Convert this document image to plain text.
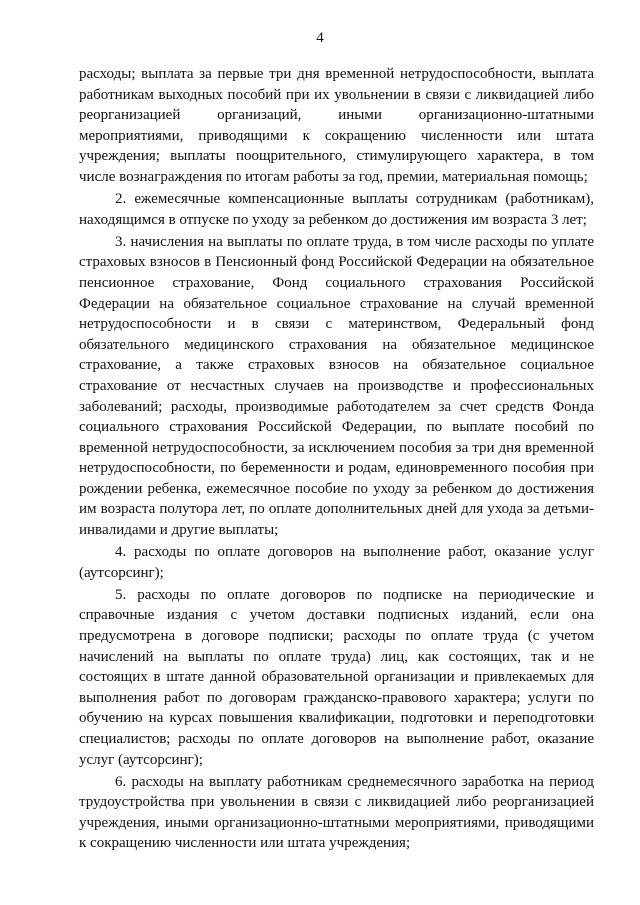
4

расходы; выплата за первые три дня временной нетрудоспособности, выплата работникам выходных пособий при их увольнении в связи с ликвидацией либо реорганизацией организаций, иными организационно-штатными мероприятиями, приводящими к сокращению численности или штата учреждения; выплаты поощрительного, стимулирующего характера, в том числе вознаграждения по итогам работы за год, премии, материальная помощь;

2. ежемесячные компенсационные выплаты сотрудникам (работникам), находящимся в отпуске по уходу за ребенком до достижения им возраста 3 лет;

3. начисления на выплаты по оплате труда, в том числе расходы по уплате страховых взносов в Пенсионный фонд Российской Федерации на обязательное пенсионное страхование, Фонд социального страхования Российской Федерации на обязательное социальное страхование на случай временной нетрудоспособности и в связи с материнством, Федеральный фонд обязательного медицинского страхования на обязательное медицинское страхование, а также страховых взносов на обязательное социальное страхование от несчастных случаев на производстве и профессиональных заболеваний; расходы, производимые работодателем за счет средств Фонда социального страхования Российской Федерации, по выплате пособий по временной нетрудоспособности, за исключением пособия за три дня временной нетрудоспособности, по беременности и родам, единовременного пособия при рождении ребенка, ежемесячное пособие по уходу за ребенком до достижения им возраста полутора лет, по оплате дополнительных дней для ухода за детьми-инвалидами и другие выплаты;

4. расходы по оплате договоров на выполнение работ, оказание услуг (аутсорсинг);

5. расходы по оплате договоров по подписке на периодические и справочные издания с учетом доставки подписных изданий, если она предусмотрена в договоре подписки; расходы по оплате труда (с учетом начислений на выплаты по оплате труда) лиц, как состоящих, так и не состоящих в штате данной образовательной организации и привлекаемых для выполнения работ по договорам гражданско-правового характера; услуги по обучению на курсах повышения квалификации, подготовки и переподготовки специалистов; расходы по оплате договоров на выполнение работ, оказание услуг (аутсорсинг);

6. расходы на выплату работникам среднемесячного заработка на период трудоустройства при увольнении в связи с ликвидацией либо реорганизацией учреждения, иными организационно-штатными мероприятиями, приводящими к сокращению численности или штата учреждения;
